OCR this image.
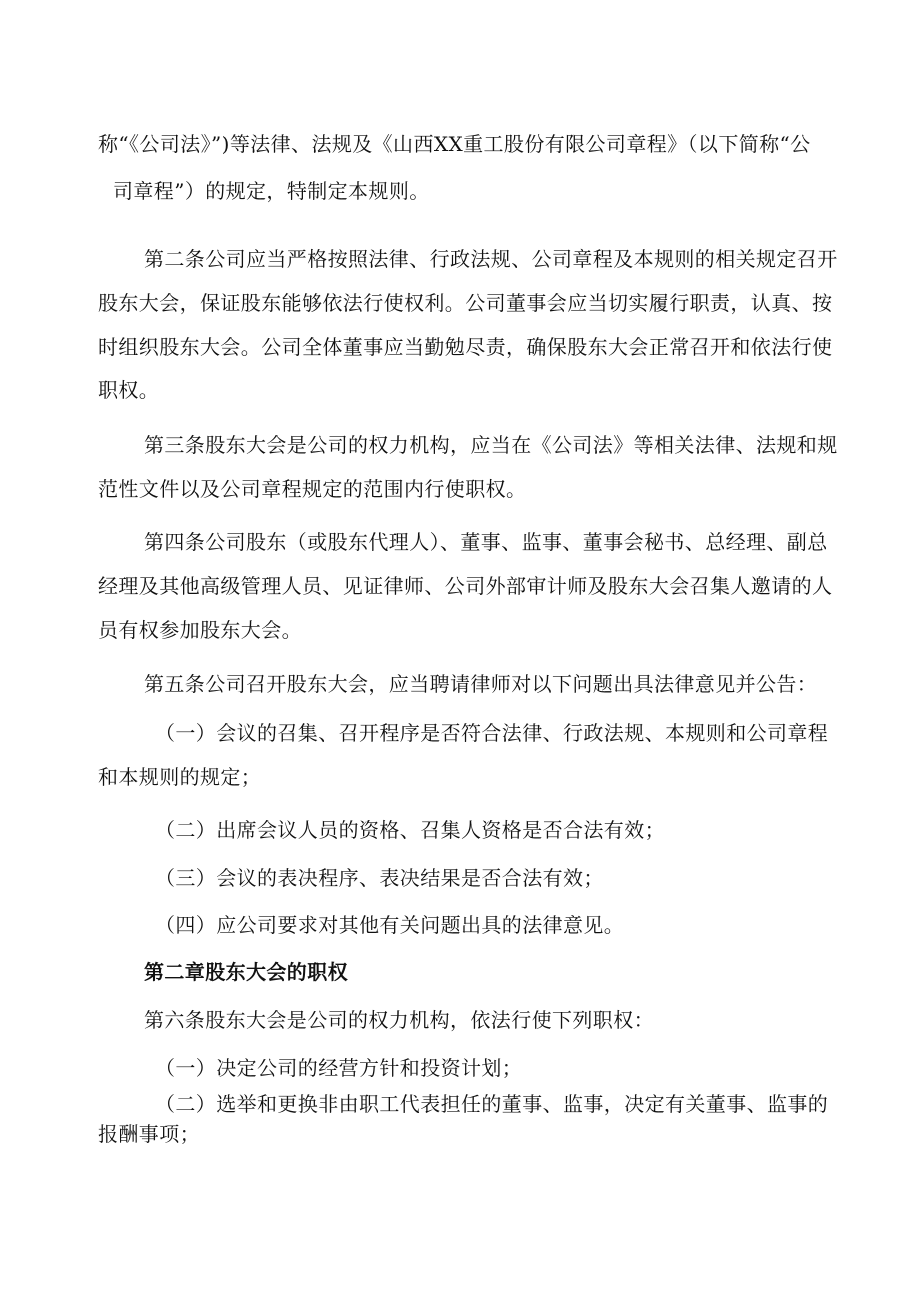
称“《公司法》”)等法律、法规及《山西XX重工股份有限公司章程》（以下简称“公
司章程”）的规定，特制定本规则。
第二条公司应当严格按照法律、行政法规、公司章程及本规则的相关规定召开
股东大会，保证股东能够依法行使权利。公司董事会应当切实履行职责，认真、按
时组织股东大会。公司全体董事应当勤勉尽责，确保股东大会正常召开和依法行使
职权。
第三条股东大会是公司的权力机构，应当在《公司法》等相关法律、法规和规
范性文件以及公司章程规定的范围内行使职权。
第四条公司股东（或股东代理人）、董事、监事、董事会秘书、总经理、副总
经理及其他高级管理人员、见证律师、公司外部审计师及股东大会召集人邀请的人
员有权参加股东大会。
第五条公司召开股东大会，应当聘请律师对以下问题出具法律意见并公告：
（一）会议的召集、召开程序是否符合法律、行政法规、本规则和公司章程
和本规则的规定；
（二）出席会议人员的资格、召集人资格是否合法有效；
（三）会议的表决程序、表决结果是否合法有效；
（四）应公司要求对其他有关问题出具的法律意见。
第二章股东大会的职权
第六条股东大会是公司的权力机构，依法行使下列职权：
（一）决定公司的经营方针和投资计划；
（二）选举和更换非由职工代表担任的董事、监事，决定有关董事、监事的
报酬事项；
